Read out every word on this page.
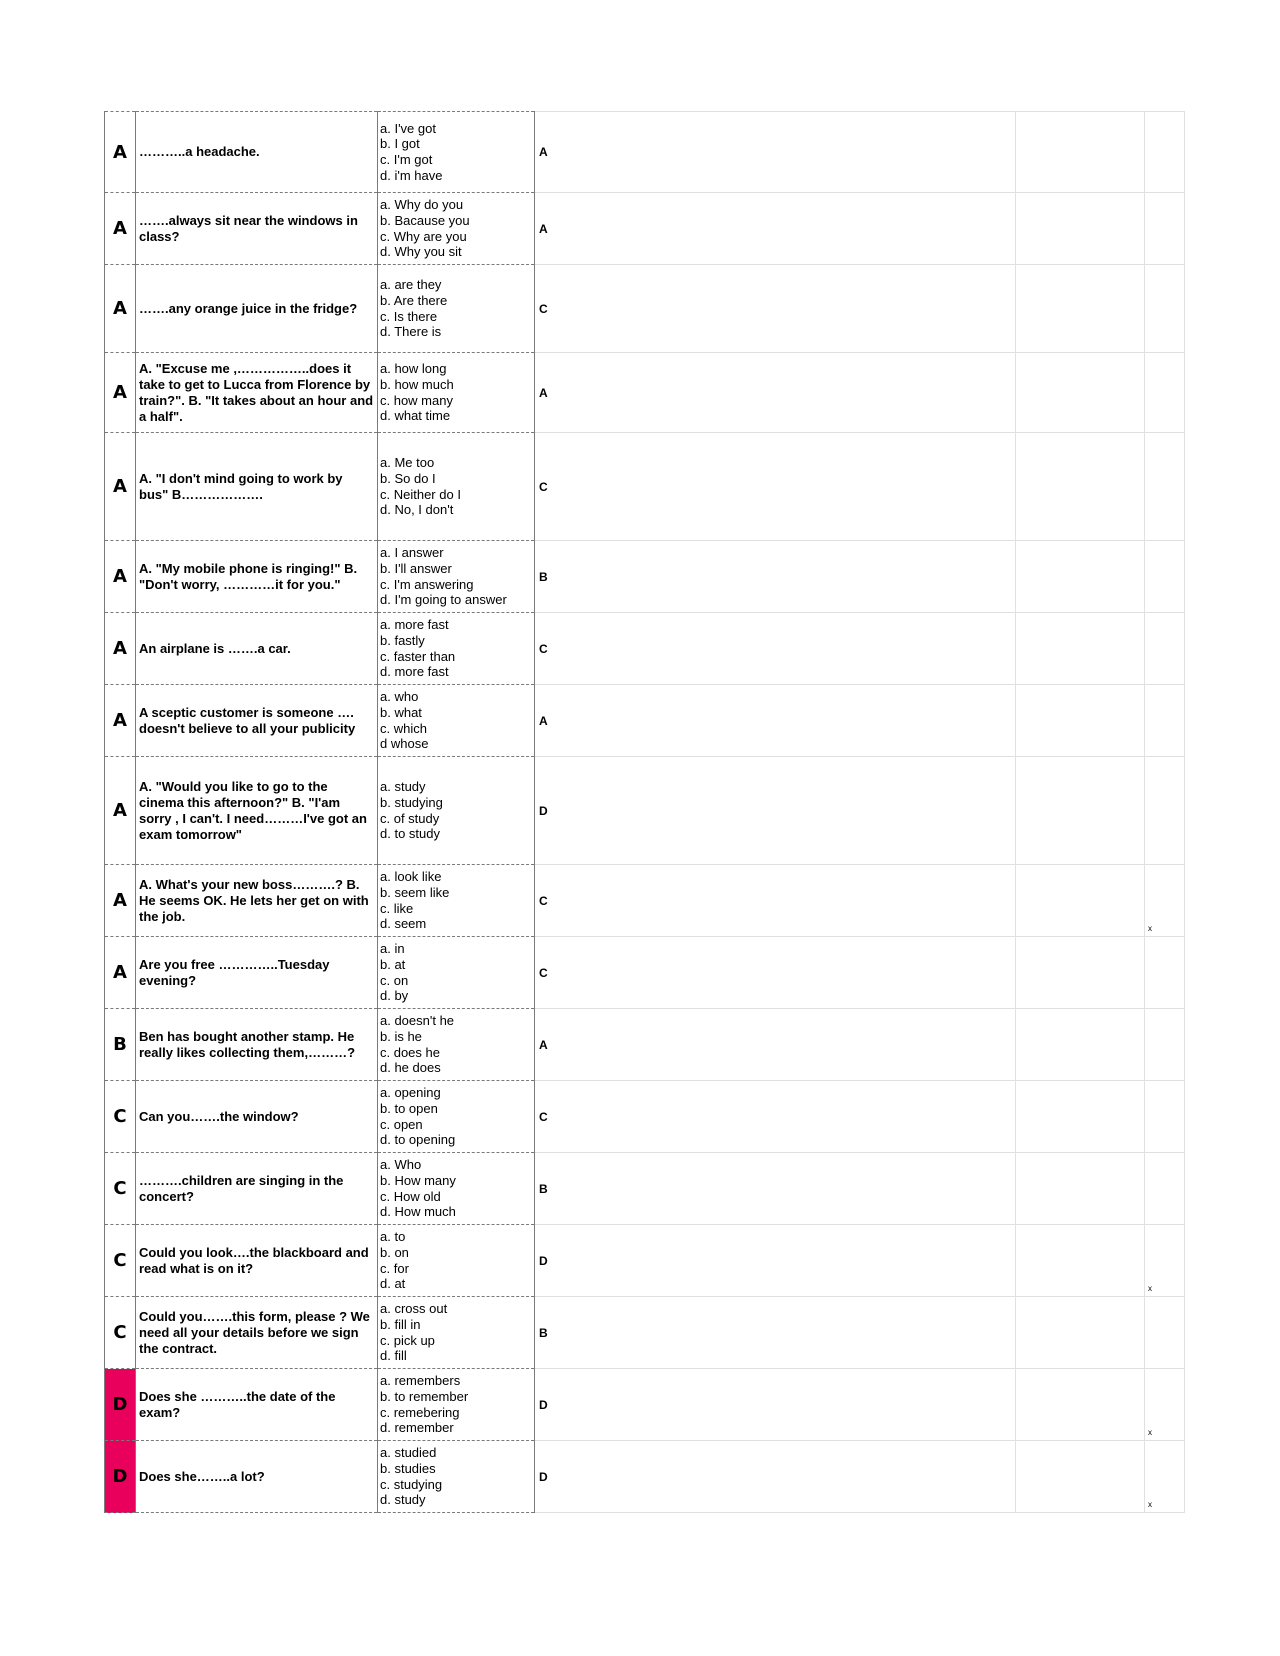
A	………..a headache.	a. I've got
b. I got
c. I'm got
d. i'm have	A		

A	…….always sit near the windows in class?	a. Why do you
b. Bacause you
c. Why are you
d. Why you sit	A		

A	…….any orange juice in the fridge?	a. are they
b. Are there
c. Is there
d. There is	C		

A	A. "Excuse me ,……………..does it take to get to Lucca from Florence by train?". B. "It takes about an hour and a half".	a. how long
b. how much
c. how many
d. what time	A		

A	A. "I don't mind going to work by bus" B……………….	a. Me too
b. So do I
c. Neither do I
d. No, I don't	C		

A	A. "My mobile phone is ringing!" B. "Don't worry, …………it for you."	a. I answer
b. I'll answer
c. I'm answering
d. I'm going to answer	B		

A	An airplane is …….a car.	a. more fast
b. fastly
c. faster than
d. more fast	C		

A	A sceptic customer is someone …. doesn't believe to all your publicity	a. who
b. what
c. which
d whose	A		

A	A. "Would you like to go to the cinema this afternoon?" B. "I'am sorry , I can't. I need………I've got an exam tomorrow"	a. study
b. studying
c. of study
d. to study	D		

A	A. What's your new boss……….? B. He seems OK. He lets her get on with the job.	a. look like
b. seem like
c. like
d. seem	C		x

A	Are you free …………..Tuesday evening?	a. in
b. at
c. on
d. by	C		

B	Ben has bought another stamp. He really likes collecting them,………?	a. doesn't he
b. is he
c. does he
d. he does	A		

C	Can you…….the window?	a. opening
b. to open
c. open
d. to opening	C		

C	……….children are singing in the concert?	a. Who
b. How many
c. How old
d. How much	B		

C	Could you look….the blackboard and read what is on it?	a. to
b. on
c. for
d. at	D		x

C	Could you…….this form, please ? We need all your details before we sign the contract.	a. cross out
b. fill in
c. pick up
d. fill	B		

D	Does she ………..the date of the exam?	a. remembers
b. to remember
c. remebering
d. remember	D		x

D	Does she……..a lot?	a. studied
b. studies
c. studying
d. study	D		x
